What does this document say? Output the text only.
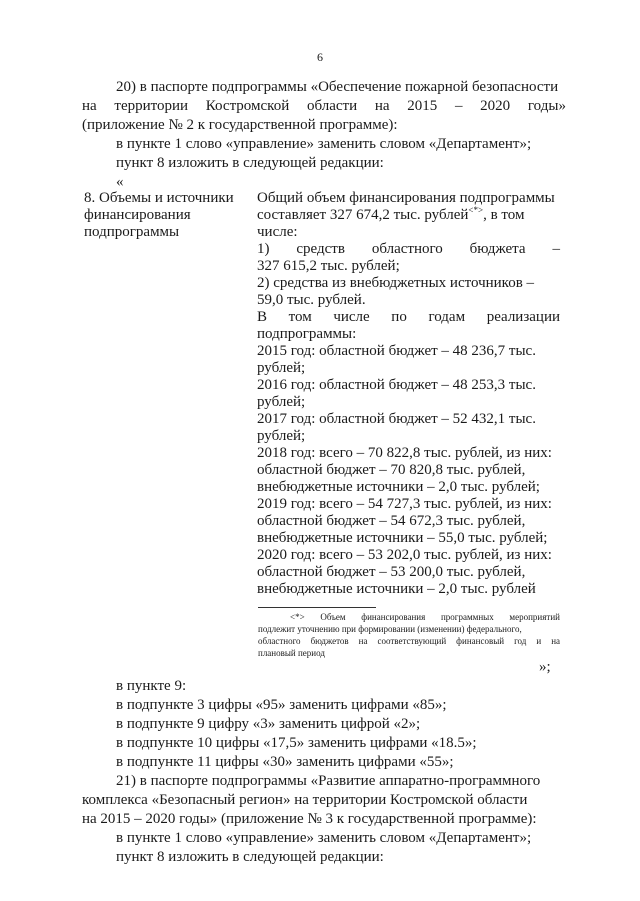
6
20) в паспорте подпрограммы «Обеспечение пожарной безопасности
на территории Костромской области на 2015 – 2020 годы»
(приложение № 2 к государственной программе):
в пункте 1 слово «управление» заменить словом «Департамент»;
пункт 8 изложить в следующей редакции:
«
8. Объемы и источники
финансирования
подпрограммы
Общий объем финансирования подпрограммы
составляет 327 674,2 тыс. рублей<*>, в том
числе:
1) средств областного бюджета –
327 615,2 тыс. рублей;
2) средства из внебюджетных источников –
59,0 тыс. рублей.
В том числе по годам реализации
подпрограммы:
2015 год: областной бюджет – 48 236,7 тыс.
рублей;
2016 год: областной бюджет – 48 253,3 тыс.
рублей;
2017 год: областной бюджет – 52 432,1 тыс.
рублей;
2018 год: всего – 70 822,8 тыс. рублей, из них:
областной бюджет – 70 820,8 тыс. рублей,
внебюджетные источники – 2,0 тыс. рублей;
2019 год: всего – 54 727,3 тыс. рублей, из них:
областной бюджет – 54 672,3 тыс. рублей,
внебюджетные источники – 55,0 тыс. рублей;
2020 год: всего – 53 202,0 тыс. рублей, из них:
областной бюджет – 53 200,0 тыс. рублей,
внебюджетные источники – 2,0 тыс. рублей
<*> Объем финансирования программных мероприятий
подлежит уточнению при формировании (изменении) федерального,
областного бюджетов на соответствующий финансовый год и на
плановый период
»;
в пункте 9:
в подпункте 3 цифры «95» заменить цифрами «85»;
в подпункте 9 цифру «3» заменить цифрой «2»;
в подпункте 10 цифры «17,5» заменить цифрами «18.5»;
в подпункте 11 цифры «30» заменить цифрами «55»;
21) в паспорте подпрограммы «Развитие аппаратно-программного
комплекса «Безопасный регион» на территории Костромской области
на 2015 – 2020 годы» (приложение № 3 к государственной программе):
в пункте 1 слово «управление» заменить словом «Департамент»;
пункт 8 изложить в следующей редакции:
